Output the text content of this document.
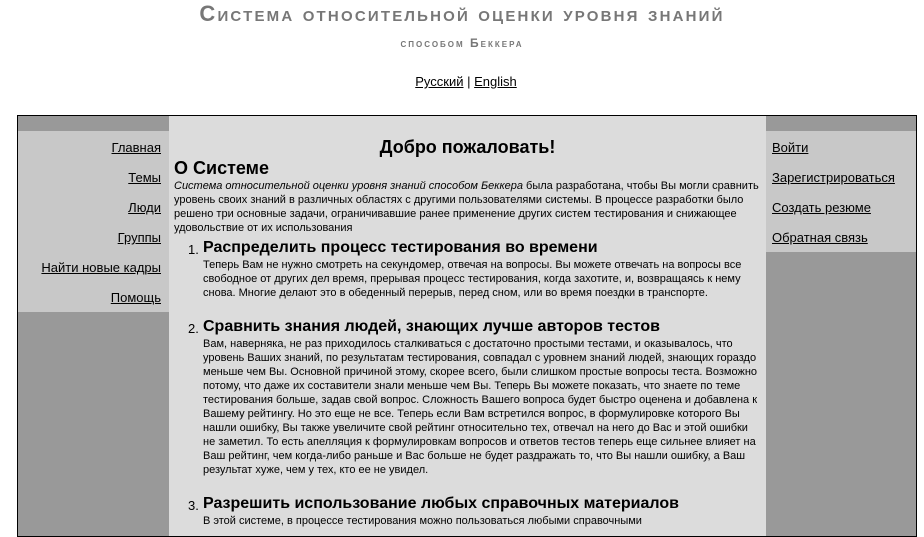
Система относительной оценки уровня знаний
способом Беккера
Русский | English
Главная
Темы
Люди
Группы
Найти новые кадры
Помощь
Добро пожаловать!
О Системе
Система относительной оценки уровня знаний способом Беккера была разработана, чтобы Вы могли сравнить уровень своих знаний в различных областях с другими пользователями системы. В процессе разработки было решено три основные задачи, ограничивавшие ранее применение других систем тестирования и снижающее удовольствие от их использования
1. Распределить процесс тестирования во времени
Теперь Вам не нужно смотреть на секундомер, отвечая на вопросы. Вы можете отвечать на вопросы все свободное от других дел время, прерывая процесс тестирования, когда захотите, и, возвращаясь к нему снова. Многие делают это в обеденный перерыв, перед сном, или во время поездки в транспорте.
2. Сравнить знания людей, знающих лучше авторов тестов
Вам, наверняка, не раз приходилось сталкиваться с достаточно простыми тестами, и оказывалось, что уровень Ваших знаний, по результатам тестирования, совпадал с уровнем знаний людей, знающих гораздо меньше чем Вы. Основной причиной этому, скорее всего, были слишком простые вопросы теста. Возможно потому, что даже их составители знали меньше чем Вы. Теперь Вы можете показать, что знаете по теме тестирования больше, задав свой вопрос. Сложность Вашего вопроса будет быстро оценена и добавлена к Вашему рейтингу. Но это еще не все. Теперь если Вам встретился вопрос, в формулировке которого Вы нашли ошибку, Вы также увеличите свой рейтинг относительно тех, отвечал на него до Вас и этой ошибки не заметил. То есть апелляция к формулировкам вопросов и ответов тестов теперь еще сильнее влияет на Ваш рейтинг, чем когда-либо раньше и Вас больше не будет раздражать то, что Вы нашли ошибку, а Ваш результат хуже, чем у тех, кто ее не увидел.
3. Разрешить использование любых справочных материалов
В этой системе, в процессе тестирования можно пользоваться любыми справочными
Войти
Зарегистрироваться
Создать резюме
Обратная связь
